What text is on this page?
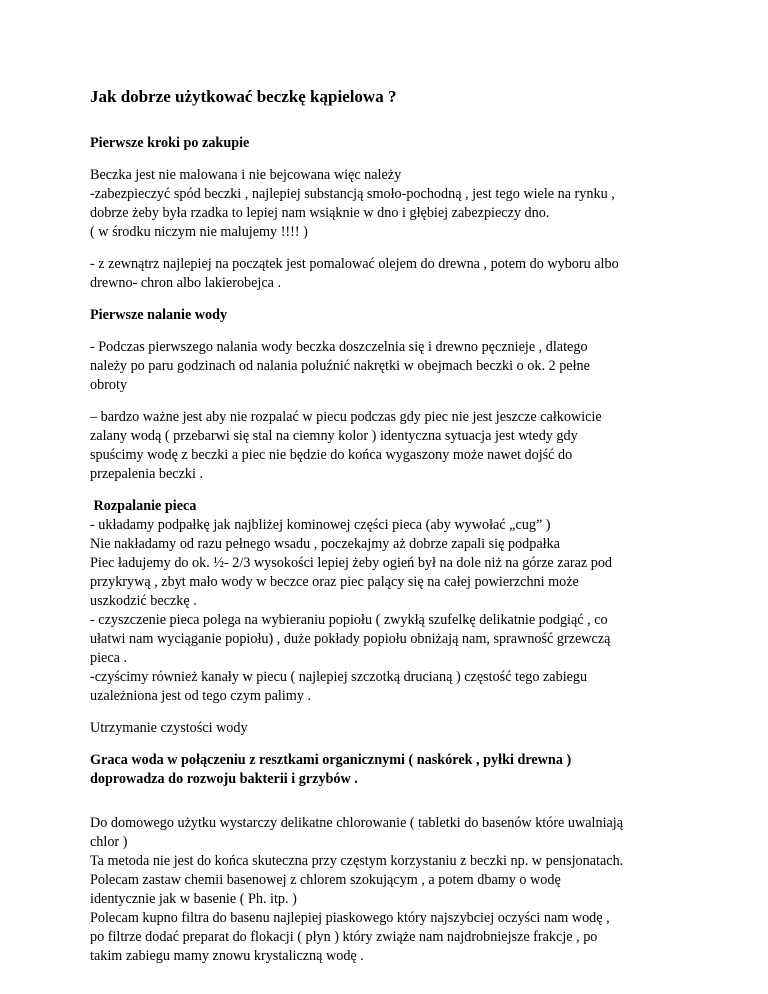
Jak dobrze użytkować beczkę kąpielowa ?
Pierwsze kroki po zakupie
Beczka jest nie malowana i nie bejcowana więc należy
-zabezpieczyć spód beczki , najlepiej substancją smoło-pochodną , jest tego wiele na rynku ,
dobrze żeby była rzadka to lepiej nam wsiąknie w dno i głębiej zabezpieczy dno.
( w środku niczym nie malujemy !!!! )
- z zewnątrz najlepiej na początek jest pomalować olejem do drewna , potem do wyboru albo
drewno- chron albo lakierobejca .
Pierwsze nalanie wody
- Podczas pierwszego nalania wody beczka doszczelnia się i drewno pęcznieje , dlatego
należy po paru godzinach od nalania poluźnić nakrętki w obejmach beczki o ok. 2 pełne
obroty
– bardzo ważne jest aby nie rozpalać w piecu podczas gdy piec nie jest jeszcze całkowicie
zalany wodą ( przebarwi się stal na ciemny kolor ) identyczna sytuacja jest wtedy gdy
spuścimy wodę z beczki a piec nie będzie do końca wygaszony może nawet dojść do
przepalenia beczki .
Rozpalanie pieca
- układamy podpałkę jak najbliżej kominowej części pieca (aby wywołać „cug” )
Nie nakładamy od razu pełnego wsadu , poczekajmy aż dobrze zapali się podpałka
Piec ładujemy do ok. ½- 2/3 wysokości lepiej żeby ogień był na dole niż na górze zaraz pod
przykrywą , zbyt mało wody w beczce oraz piec palący się na całej powierzchni może
uszkodzić beczkę .
- czyszczenie pieca polega na wybieraniu popiołu ( zwykłą szufelkę delikatnie podgiąć , co
ułatwi nam wyciąganie popiołu) , duże pokłady popiołu obniżają nam, sprawność grzewczą
pieca .
-czyścimy również kanały w piecu ( najlepiej szczotką drucianą ) częstość tego zabiegu
uzależniona jest od tego czym palimy .
Utrzymanie czystości wody
Graca woda w połączeniu z resztkami organicznymi ( naskórek , pyłki drewna )
doprowadza do rozwoju bakterii i grzybów .
Do domowego użytku wystarczy delikatne chlorowanie ( tabletki do basenów które uwalniają
chlor )
Ta metoda nie jest do końca skuteczna przy częstym korzystaniu z beczki np. w pensjonatach.
Polecam zastaw chemii basenowej z chlorem szokującym , a potem dbamy o wodę
identycznie jak w basenie ( Ph. itp. )
Polecam kupno filtra do basenu najlepiej piaskowego który najszybciej oczyści nam wodę ,
po filtrze dodać preparat do flokacji ( płyn ) który zwiąże nam najdrobniejsze frakcje , po
takim zabiegu mamy znowu krystaliczną wodę .
